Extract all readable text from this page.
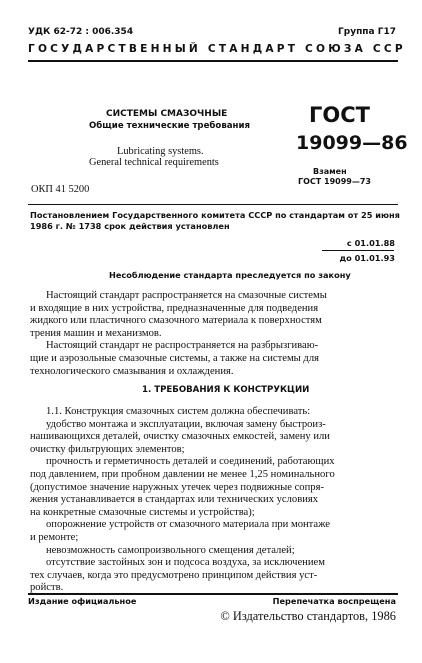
УДК 62-72 : 006.354	Группа Г17
ГОСУДАРСТВЕННЫЙ СТАНДАРТ СОЮЗА ССР
СИСТЕМЫ СМАЗОЧНЫЕ
Общие технические требования
Lubricating systems.
General technical requirements
ГОСТ
19099—86
Взамен
ГОСТ 19099—73
ОКП 41 5200
Постановлением Государственного комитета СССР по стандартам от 25 июня
1986 г. № 1738 срок действия установлен
с 01.01.88
до 01.01.93
Несоблюдение стандарта преследуется по закону
Настоящий стандарт распространяется на смазочные системы
и входящие в них устройства, предназначенные для подведения
жидкого или пластичного смазочного материала к поверхностям
трения машин и механизмов.
Настоящий стандарт не распространяется на разбрызгиваю-
щие и аэрозольные смазочные системы, а также на системы для
технологического смазывания и охлаждения.
1. ТРЕБОВАНИЯ К КОНСТРУКЦИИ
1.1. Конструкция смазочных систем должна обеспечивать:
удобство монтажа и эксплуатации, включая замену быстроиз-
нашивающихся деталей, очистку смазочных емкостей, замену или
очистку фильтрующих элементов;
прочность и герметичность деталей и соединений, работающих
под давлением, при пробном давлении не менее 1,25 номинального
(допустимое значение наружных утечек через подвижные сопря-
жения устанавливается в стандартах или технических условиях
на конкретные смазочные системы и устройства);
опорожнение устройств от смазочного материала при монтаже
и ремонте;
невозможность самопроизвольного смещения деталей;
отсутствие застойных зон и подсоса воздуха, за исключением
тех случаев, когда это предусмотрено принципом действия уст-
ройств.
Издание официальное	Перепечатка воспрещена
© Издательство стандартов, 1986
